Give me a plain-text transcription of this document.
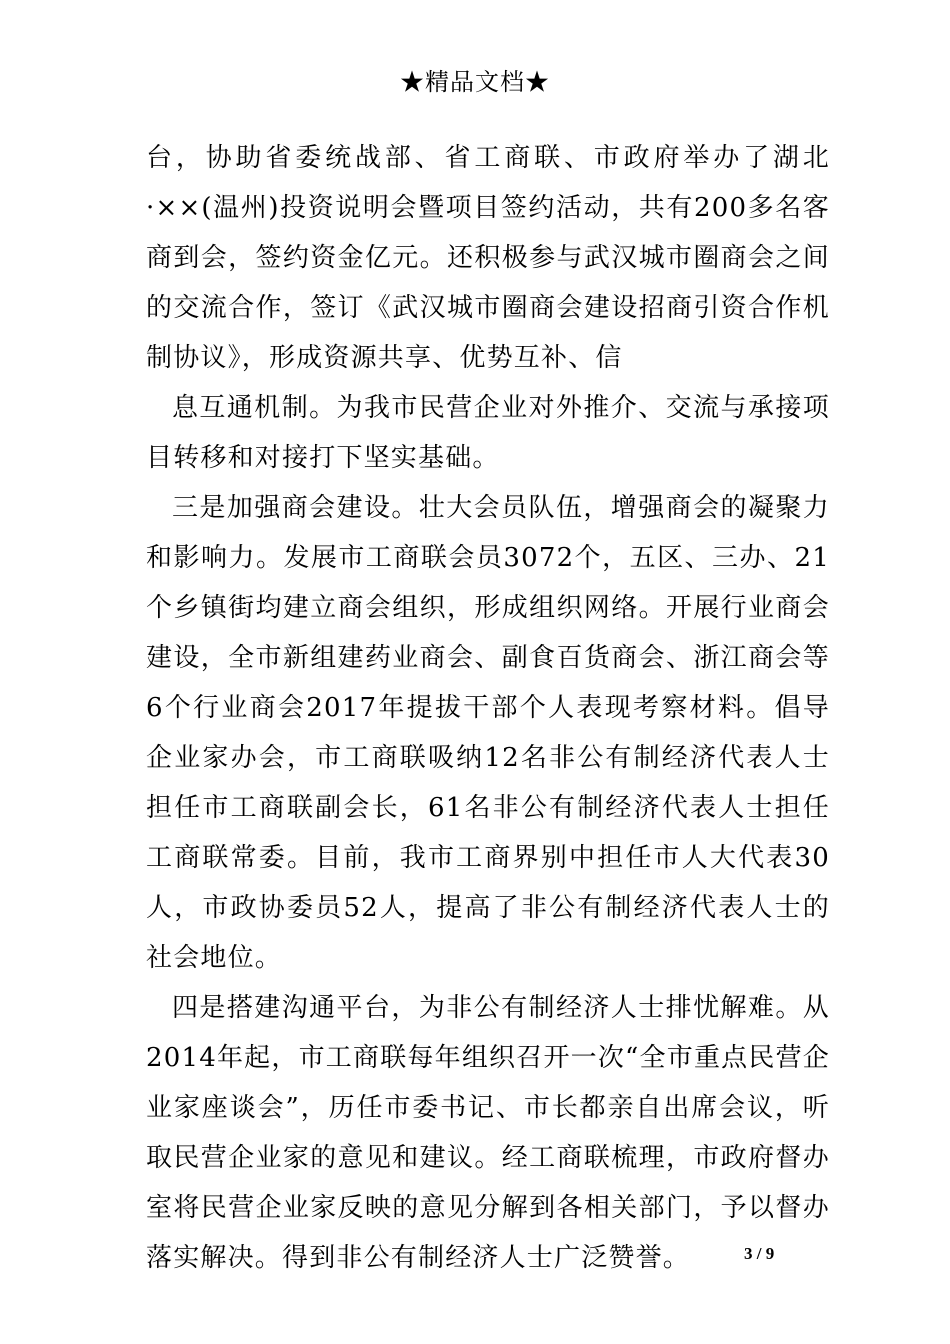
★精品文档★

台，协助省委统战部、省工商联、市政府举办了湖北·××(温州)投资说明会暨项目签约活动，共有200多名客商到会，签约资金亿元。还积极参与武汉城市圈商会之间的交流合作，签订《武汉城市圈商会建设招商引资合作机制协议》，形成资源共享、优势互补、信

息互通机制。为我市民营企业对外推介、交流与承接项目转移和对接打下坚实基础。

三是加强商会建设。壮大会员队伍，增强商会的凝聚力和影响力。发展市工商联会员3072个，五区、三办、21个乡镇街均建立商会组织，形成组织网络。开展行业商会建设，全市新组建药业商会、副食百货商会、浙江商会等6个行业商会2017年提拔干部个人表现考察材料。倡导企业家办会，市工商联吸纳12名非公有制经济代表人士担任市工商联副会长，61名非公有制经济代表人士担任工商联常委。目前，我市工商界别中担任市人大代表30人，市政协委员52人，提高了非公有制经济代表人士的社会地位。

四是搭建沟通平台，为非公有制经济人士排忧解难。从2014年起，市工商联每年组织召开一次“全市重点民营企业家座谈会”，历任市委书记、市长都亲自出席会议，听取民营企业家的意见和建议。经工商联梳理，市政府督办室将民营企业家反映的意见分解到各相关部门，予以督办落实解决。得到非公有制经济人士广泛赞誉。	3 / 9
